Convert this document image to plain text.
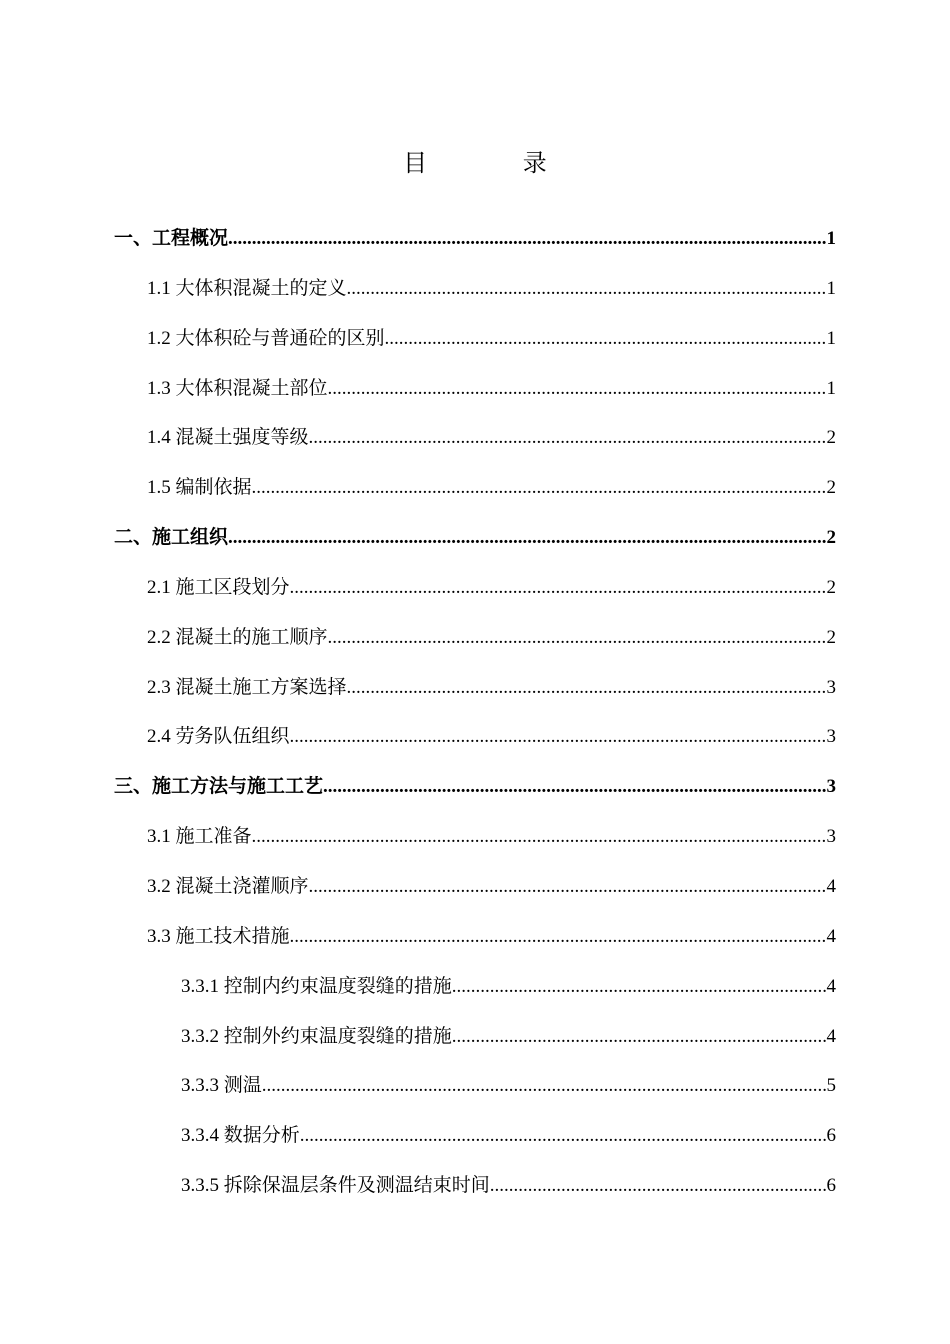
目 录
一、工程概况 .....	1
1.1 大体积混凝土的定义 .....	1
1.2 大体积砼与普通砼的区别 .....	1
1.3 大体积混凝土部位 .....	1
1.4 混凝土强度等级 .....	2
1.5 编制依据 .....	2
二、施工组织 .....	2
2.1 施工区段划分 .....	2
2.2 混凝土的施工顺序 .....	2
2.3 混凝土施工方案选择 .....	3
2.4 劳务队伍组织 .....	3
三、施工方法与施工工艺 .....	3
3.1 施工准备 .....	3
3.2 混凝土浇灌顺序 .....	4
3.3 施工技术措施 .....	4
3.3.1 控制内约束温度裂缝的措施 .....	4
3.3.2 控制外约束温度裂缝的措施 .....	4
3.3.3 测温 .....	5
3.3.4 数据分析 .....	6
3.3.5 拆除保温层条件及测温结束时间 .....	6
